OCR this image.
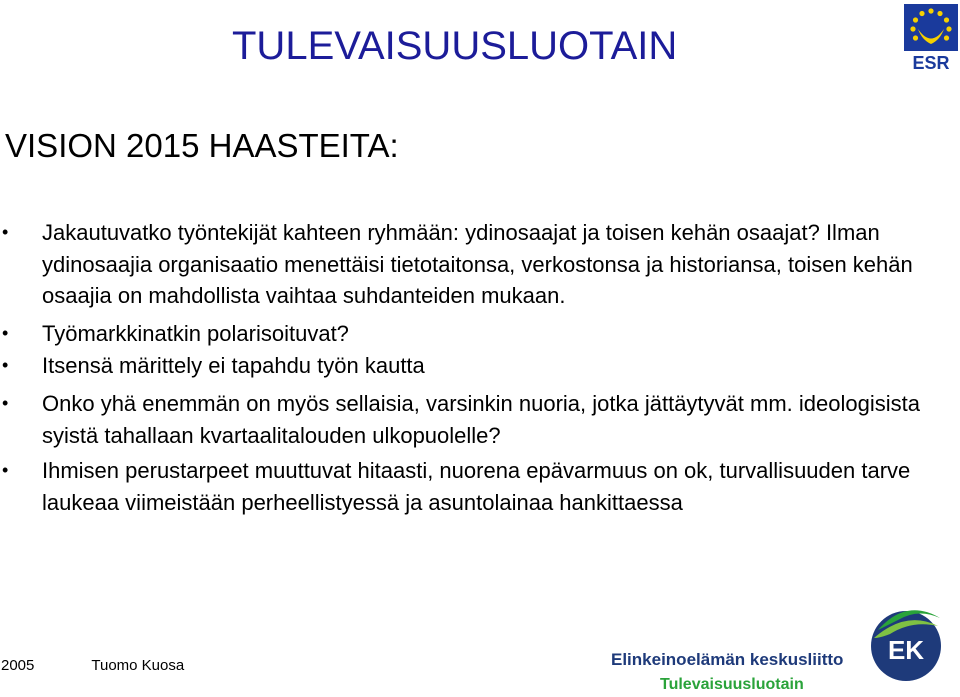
TULEVAISUUSLUOTAIN	ESR
VISION 2015 HAASTEITA:
• Jakautuvatko työntekijät kahteen ryhmään: ydinosaajat ja toisen kehän osaajat? Ilman ydinosaajia organisaatio menettäisi tietotaitonsa, verkostonsa ja historiansa, toisen kehän osaajia on mahdollista vaihtaa suhdanteiden mukaan.
• Työmarkkinatkin polarisoituvat?
• Itsensä märittely ei tapahdu työn kautta
• Onko yhä enemmän on myös sellaisia, varsinkin nuoria, jotka jättäytyvät mm. ideologisista syistä tahallaan kvartaalitalouden ulkopuolelle?
• Ihmisen perustarpeet muuttuvat hitaasti, nuorena epävarmuus on ok, turvallisuuden tarve laukeaa viimeistään perheellistyessä ja asuntolainaa hankittaessa
2005	Tuomo Kuosa	Elinkeinoelämän keskusliitto
Tulevaisuusluotain
EK
